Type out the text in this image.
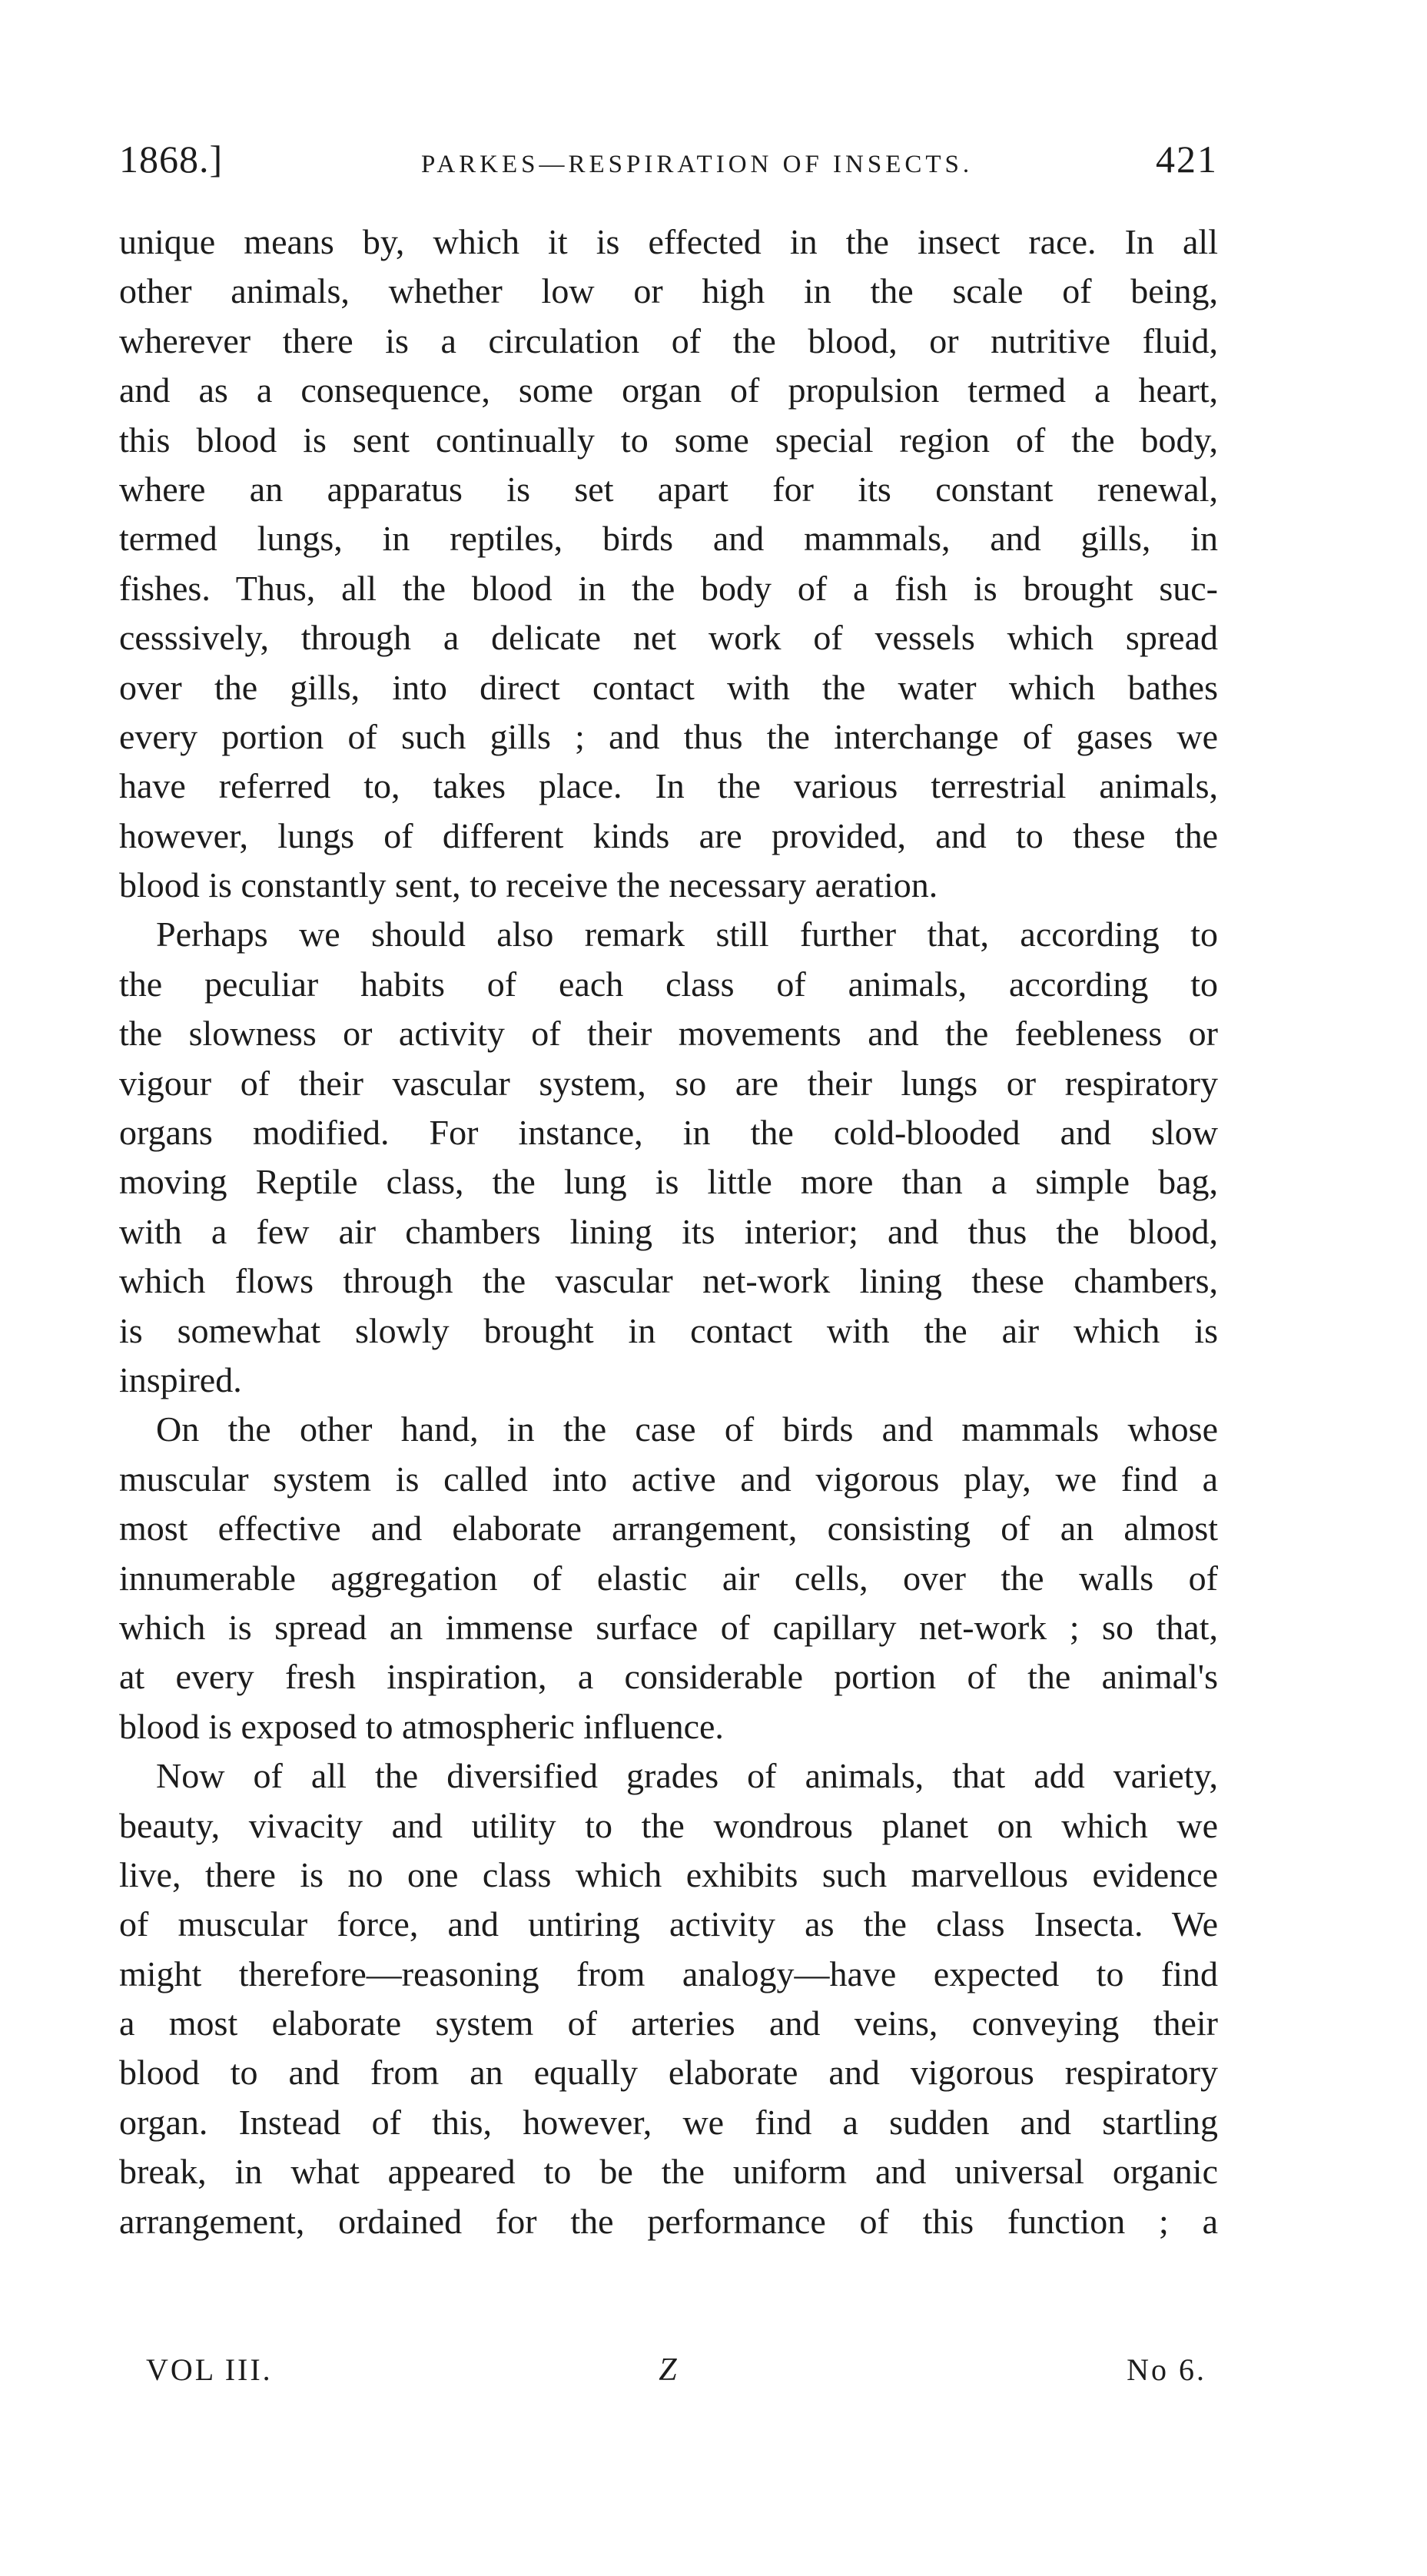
1868.]	PARKES—RESPIRATION OF INSECTS.	421
unique means by, which it is effected in the insect race. In all
other animals, whether low or high in the scale of being,
wherever there is a circulation of the blood, or nutritive fluid,
and as a consequence, some organ of propulsion termed a heart,
this blood is sent continually to some special region of the body,
where an apparatus is set apart for its constant renewal,
termed lungs, in reptiles, birds and mammals, and gills, in
fishes. Thus, all the blood in the body of a fish is brought suc-
cesssively, through a delicate net work of vessels which spread
over the gills, into direct contact with the water which bathes
every portion of such gills ; and thus the interchange of gases we
have referred to, takes place. In the various terrestrial animals,
however, lungs of different kinds are provided, and to these the
blood is constantly sent, to receive the necessary aeration.
Perhaps we should also remark still further that, according to
the peculiar habits of each class of animals, according to
the slowness or activity of their movements and the feebleness or
vigour of their vascular system, so are their lungs or respiratory
organs modified. For instance, in the cold-blooded and slow
moving Reptile class, the lung is little more than a simple bag,
with a few air chambers lining its interior; and thus the blood,
which flows through the vascular net-work lining these chambers,
is somewhat slowly brought in contact with the air which is
inspired.
On the other hand, in the case of birds and mammals whose
muscular system is called into active and vigorous play, we find a
most effective and elaborate arrangement, consisting of an almost
innumerable aggregation of elastic air cells, over the walls of
which is spread an immense surface of capillary net-work ; so that,
at every fresh inspiration, a considerable portion of the animal's
blood is exposed to atmospheric influence.
Now of all the diversified grades of animals, that add variety,
beauty, vivacity and utility to the wondrous planet on which we
live, there is no one class which exhibits such marvellous evidence
of muscular force, and untiring activity as the class Insecta. We
might therefore—reasoning from analogy—have expected to find
a most elaborate system of arteries and veins, conveying their
blood to and from an equally elaborate and vigorous respiratory
organ. Instead of this, however, we find a sudden and startling
break, in what appeared to be the uniform and universal organic
arrangement, ordained for the performance of this function ; a
VOL III.	Z	No 6.
